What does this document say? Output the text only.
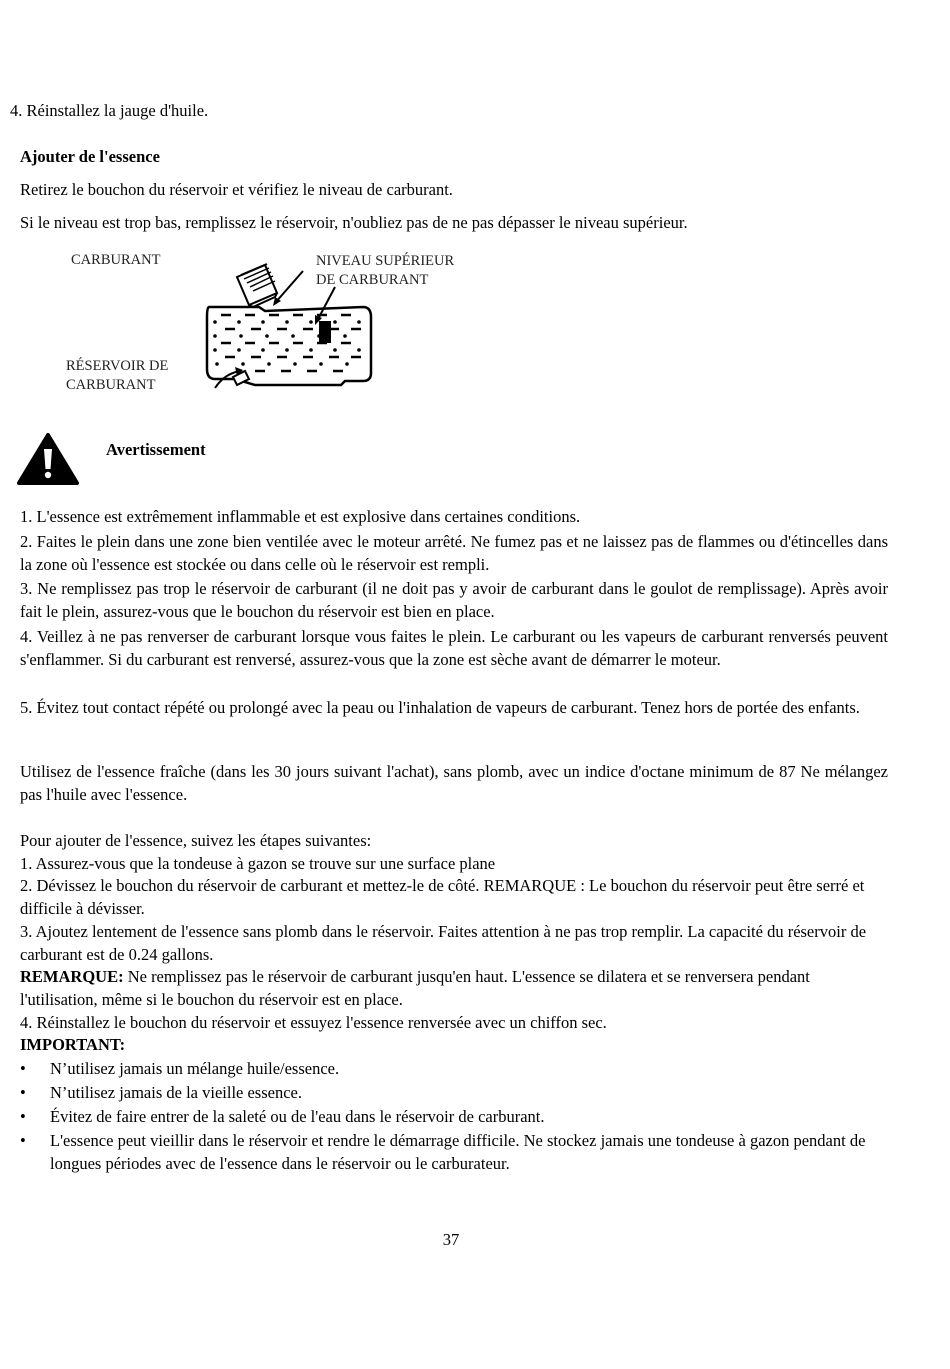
4. Réinstallez la jauge d'huile.
Ajouter de l'essence
Retirez le bouchon du réservoir et vérifiez le niveau de carburant.
Si le niveau est trop bas, remplissez le réservoir, n'oubliez pas de ne pas dépasser le niveau supérieur.
CARBURANT	NIVEAU SUPÉRIEUR
DE CARBURANT
RÉSERVOIR DE
CARBURANT
Avertissement
1. L'essence est extrêmement inflammable et est explosive dans certaines conditions.
2. Faites le plein dans une zone bien ventilée avec le moteur arrêté. Ne fumez pas et ne laissez pas de flammes ou d'étincelles dans la zone où l'essence est stockée ou dans celle où le réservoir est rempli.
3. Ne remplissez pas trop le réservoir de carburant (il ne doit pas y avoir de carburant dans le goulot de remplissage). Après avoir fait le plein, assurez-vous que le bouchon du réservoir est bien en place.
4. Veillez à ne pas renverser de carburant lorsque vous faites le plein. Le carburant ou les vapeurs de carburant renversés peuvent s'enflammer. Si du carburant est renversé, assurez-vous que la zone est sèche avant de démarrer le moteur.
5. Évitez tout contact répété ou prolongé avec la peau ou l'inhalation de vapeurs de carburant. Tenez hors de portée des enfants.
Utilisez de l'essence fraîche (dans les 30 jours suivant l'achat), sans plomb, avec un indice d'octane minimum de 87 Ne mélangez pas l'huile avec l'essence.
Pour ajouter de l'essence, suivez les étapes suivantes:
1. Assurez-vous que la tondeuse à gazon se trouve sur une surface plane
2. Dévissez le bouchon du réservoir de carburant et mettez-le de côté. REMARQUE : Le bouchon du réservoir peut être serré et difficile à dévisser.
3. Ajoutez lentement de l'essence sans plomb dans le réservoir. Faites attention à ne pas trop remplir. La capacité du réservoir de carburant est de 0.24 gallons.
REMARQUE: Ne remplissez pas le réservoir de carburant jusqu'en haut. L'essence se dilatera et se renversera pendant l'utilisation, même si le bouchon du réservoir est en place.
4. Réinstallez le bouchon du réservoir et essuyez l'essence renversée avec un chiffon sec.
IMPORTANT:
• N’utilisez jamais un mélange huile/essence.
• N’utilisez jamais de la vieille essence.
• Évitez de faire entrer de la saleté ou de l'eau dans le réservoir de carburant.
• L'essence peut vieillir dans le réservoir et rendre le démarrage difficile. Ne stockez jamais une tondeuse à gazon pendant de longues périodes avec de l'essence dans le réservoir ou le carburateur.
37
